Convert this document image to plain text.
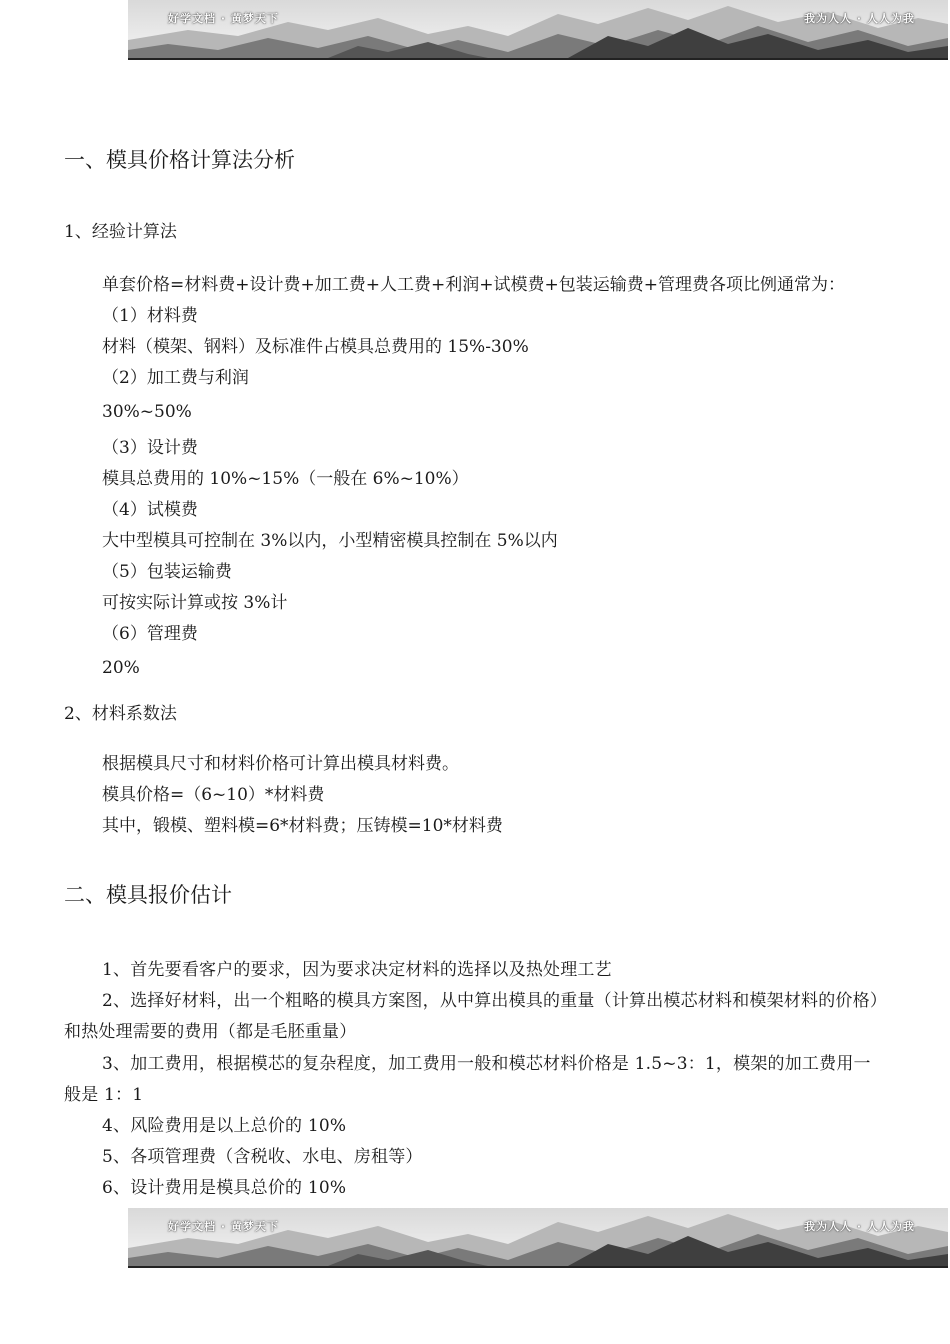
好学文档 · 黄梦天下	我为人人 · 人人为我
一、模具价格计算法分析
1、经验计算法
单套价格=材料费+设计费+加工费+人工费+利润+试模费+包装运输费+管理费各项比例通常为：
（1）材料费
材料（模架、钢料）及标准件占模具总费用的 15%-30%
（2）加工费与利润
30%~50%
（3）设计费
模具总费用的 10%~15%（一般在 6%~10%）
（4）试模费
大中型模具可控制在 3%以内，小型精密模具控制在 5%以内
（5）包装运输费
可按实际计算或按 3%计
（6）管理费
20%
2、材料系数法
根据模具尺寸和材料价格可计算出模具材料费。
模具价格=（6~10）*材料费
其中，锻模、塑料模=6*材料费；压铸模=10*材料费
二、模具报价估计
1、首先要看客户的要求，因为要求决定材料的选择以及热处理工艺
2、选择好材料，出一个粗略的模具方案图，从中算出模具的重量（计算出模芯材料和模架材料的价格）和热处理需要的费用（都是毛胚重量）
3、加工费用，根据模芯的复杂程度，加工费用一般和模芯材料价格是 1.5~3：1，模架的加工费用一般是 1：1
4、风险费用是以上总价的 10%
5、各项管理费（含税收、水电、房租等）
6、设计费用是模具总价的 10%
好学文档 · 黄梦天下	我为人人 · 人人为我
